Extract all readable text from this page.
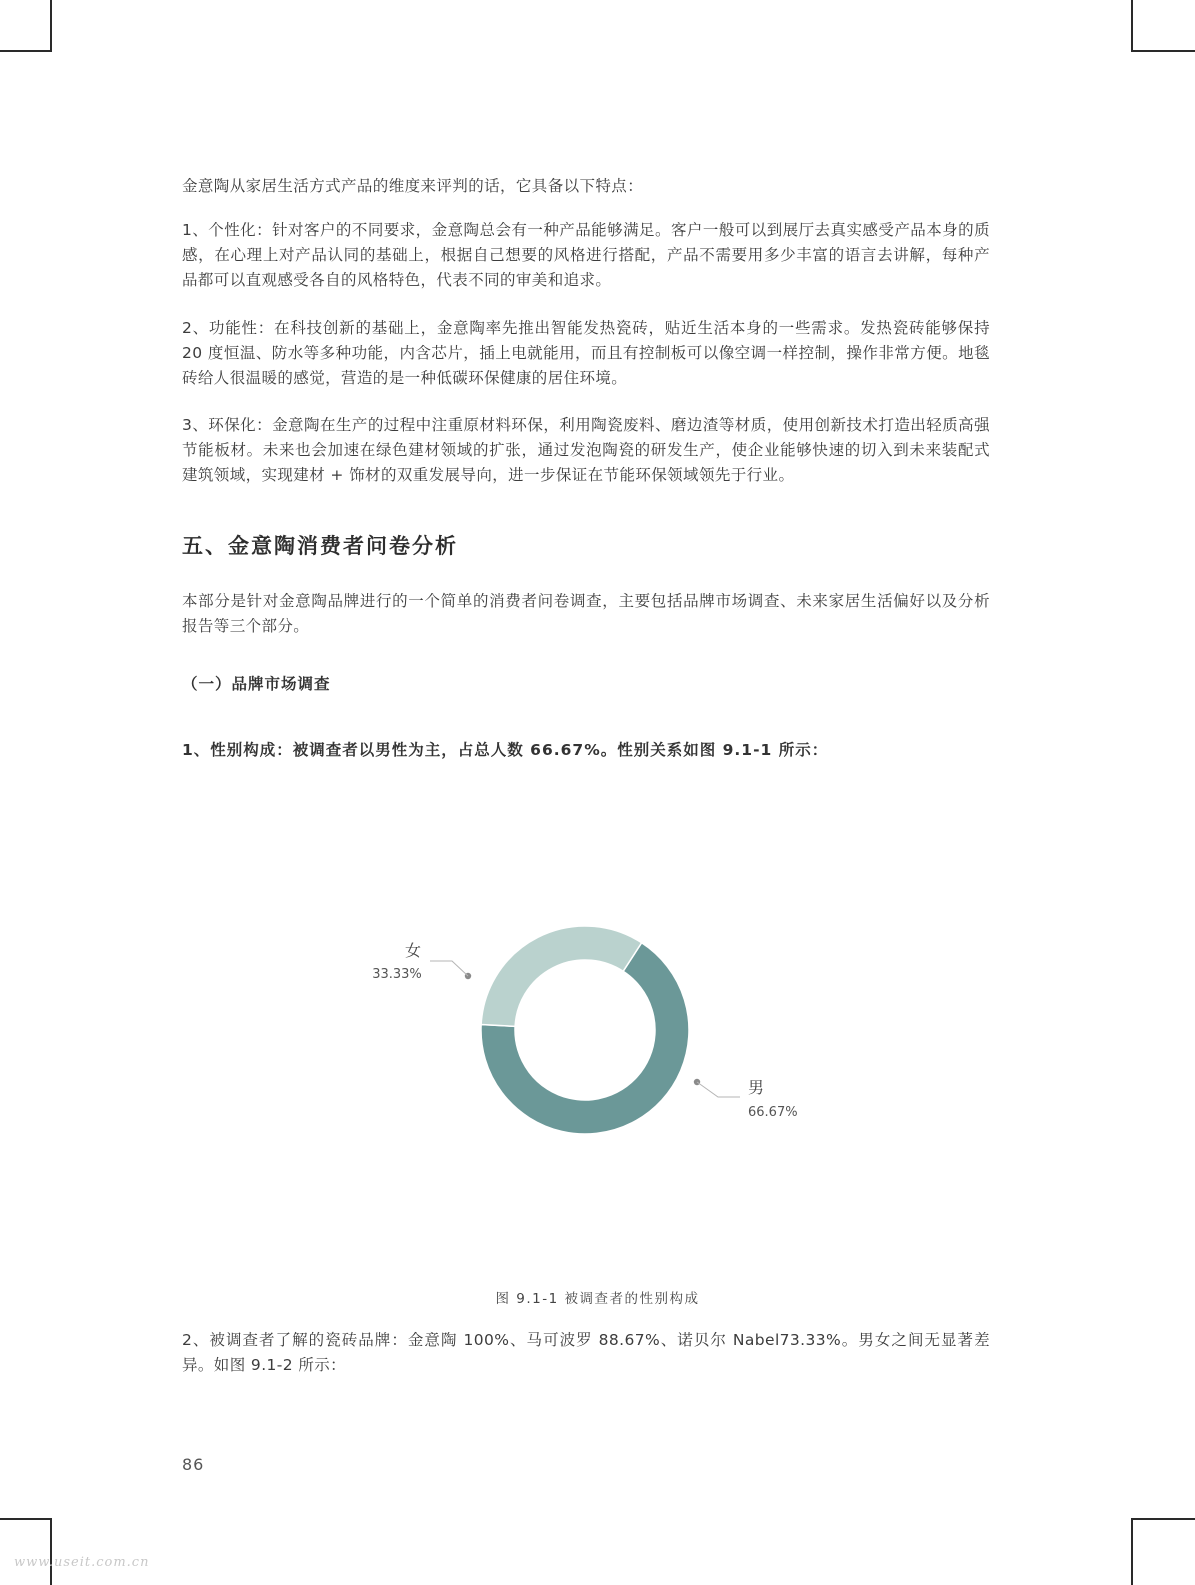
金意陶从家居生活方式产品的维度来评判的话，它具备以下特点：

1、个性化：针对客户的不同要求，金意陶总会有一种产品能够满足。客户一般可以到展厅去真实感受产品本身的质感，在心理上对产品认同的基础上，根据自己想要的风格进行搭配，产品不需要用多少丰富的语言去讲解，每种产品都可以直观感受各自的风格特色，代表不同的审美和追求。

2、功能性：在科技创新的基础上，金意陶率先推出智能发热瓷砖，贴近生活本身的一些需求。发热瓷砖能够保持 20 度恒温、防水等多种功能，内含芯片，插上电就能用，而且有控制板可以像空调一样控制，操作非常方便。地毯砖给人很温暖的感觉，营造的是一种低碳环保健康的居住环境。

3、环保化：金意陶在生产的过程中注重原材料环保，利用陶瓷废料、磨边渣等材质，使用创新技术打造出轻质高强节能板材。未来也会加速在绿色建材领域的扩张，通过发泡陶瓷的研发生产，使企业能够快速的切入到未来装配式建筑领域，实现建材 + 饰材的双重发展导向，进一步保证在节能环保领域领先于行业。

五、金意陶消费者问卷分析

本部分是针对金意陶品牌进行的一个简单的消费者问卷调查，主要包括品牌市场调查、未来家居生活偏好以及分析报告等三个部分。

（一）品牌市场调查

1、性别构成：被调查者以男性为主，占总人数 66.67%。性别关系如图 9.1-1 所示：

2、被调查者了解的瓷砖品牌：金意陶 100%、马可波罗 88.67%、诺贝尔 Nabel73.33%。男女之间无显著差异。如图 9.1-2 所示：

男
66.67%
女
33.33%
图 9.1-1 被调查者的性别构成
86
www.useit.com.cn
